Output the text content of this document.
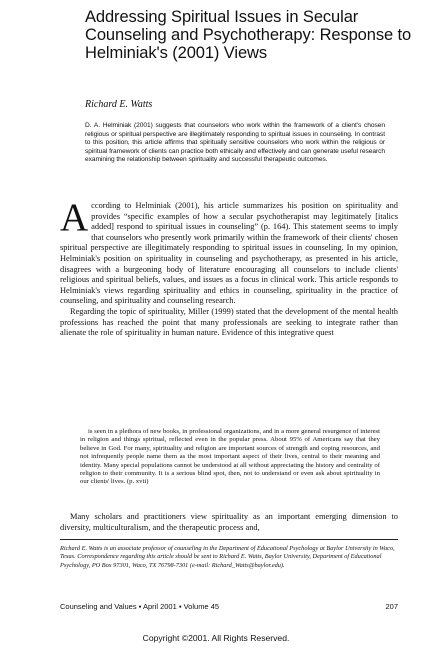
Addressing Spiritual Issues in Secular Counseling and Psychotherapy: Response to Helminiak's (2001) Views
Richard E. Watts
D. A. Helminiak (2001) suggests that counselors who work within the framework of a client's chosen religious or spiritual perspective are illegitimately responding to spiritual issues in counseling. In contrast to this position, this article affirms that spiritually sensitive counselors who work within the religious or spiritual framework of clients can practice both ethically and effectively and can generate useful research examining the relationship between spirituality and successful therapeutic outcomes.

According to Helminiak (2001), his article summarizes his position on spirituality and provides “specific examples of how a secular psychotherapist may legitimately [italics added] respond to spiritual issues in counseling” (p. 164). This statement seems to imply that counselors who presently work primarily within the framework of their clients' chosen spiritual perspective are illegitimately responding to spiritual issues in counseling. In my opinion, Helminiak's position on spirituality in counseling and psychotherapy, as presented in his article, disagrees with a burgeoning body of literature encouraging all counselors to include clients' religious and spiritual beliefs, values, and issues as a focus in clinical work. This article responds to Helminiak's views regarding spirituality and ethics in counseling, spirituality in the practice of counseling, and spirituality and counseling research.

Regarding the topic of spirituality, Miller (1999) stated that the development of the mental health professions has reached the point that many professionals are seeking to integrate rather than alienate the role of spirituality in human nature. Evidence of this integrative quest

is seen in a plethora of new books, in professional organizations, and in a more general resurgence of interest in religion and things spiritual, reflected even in the popular press. About 95% of Americans say that they believe in God. For many, spirituality and religion are important sources of strength and coping resources, and not infrequently people name them as the most important aspect of their lives, central to their meaning and identity. Many special populations cannot be understood at all without appreciating the history and centrality of religion to their community. It is a serious blind spot, then, not to understand or even ask about spirituality in our clients' lives. (p. xvii)

Many scholars and practitioners view spirituality as an important emerging dimension to diversity, multiculturalism, and the therapeutic process and,

Richard E. Watts is an associate professor of counseling in the Department of Educational Psychology at Baylor University in Waco, Texas. Correspondence regarding this article should be sent to Richard E. Watts, Baylor University, Department of Educational Psychology, PO Box 97301, Waco, TX 76798-7301 (e-mail: Richard_Watts@baylor.edu).
Counseling and Values ▪ April 2001 ▪ Volume 45	207
Copyright ©2001. All Rights Reserved.
